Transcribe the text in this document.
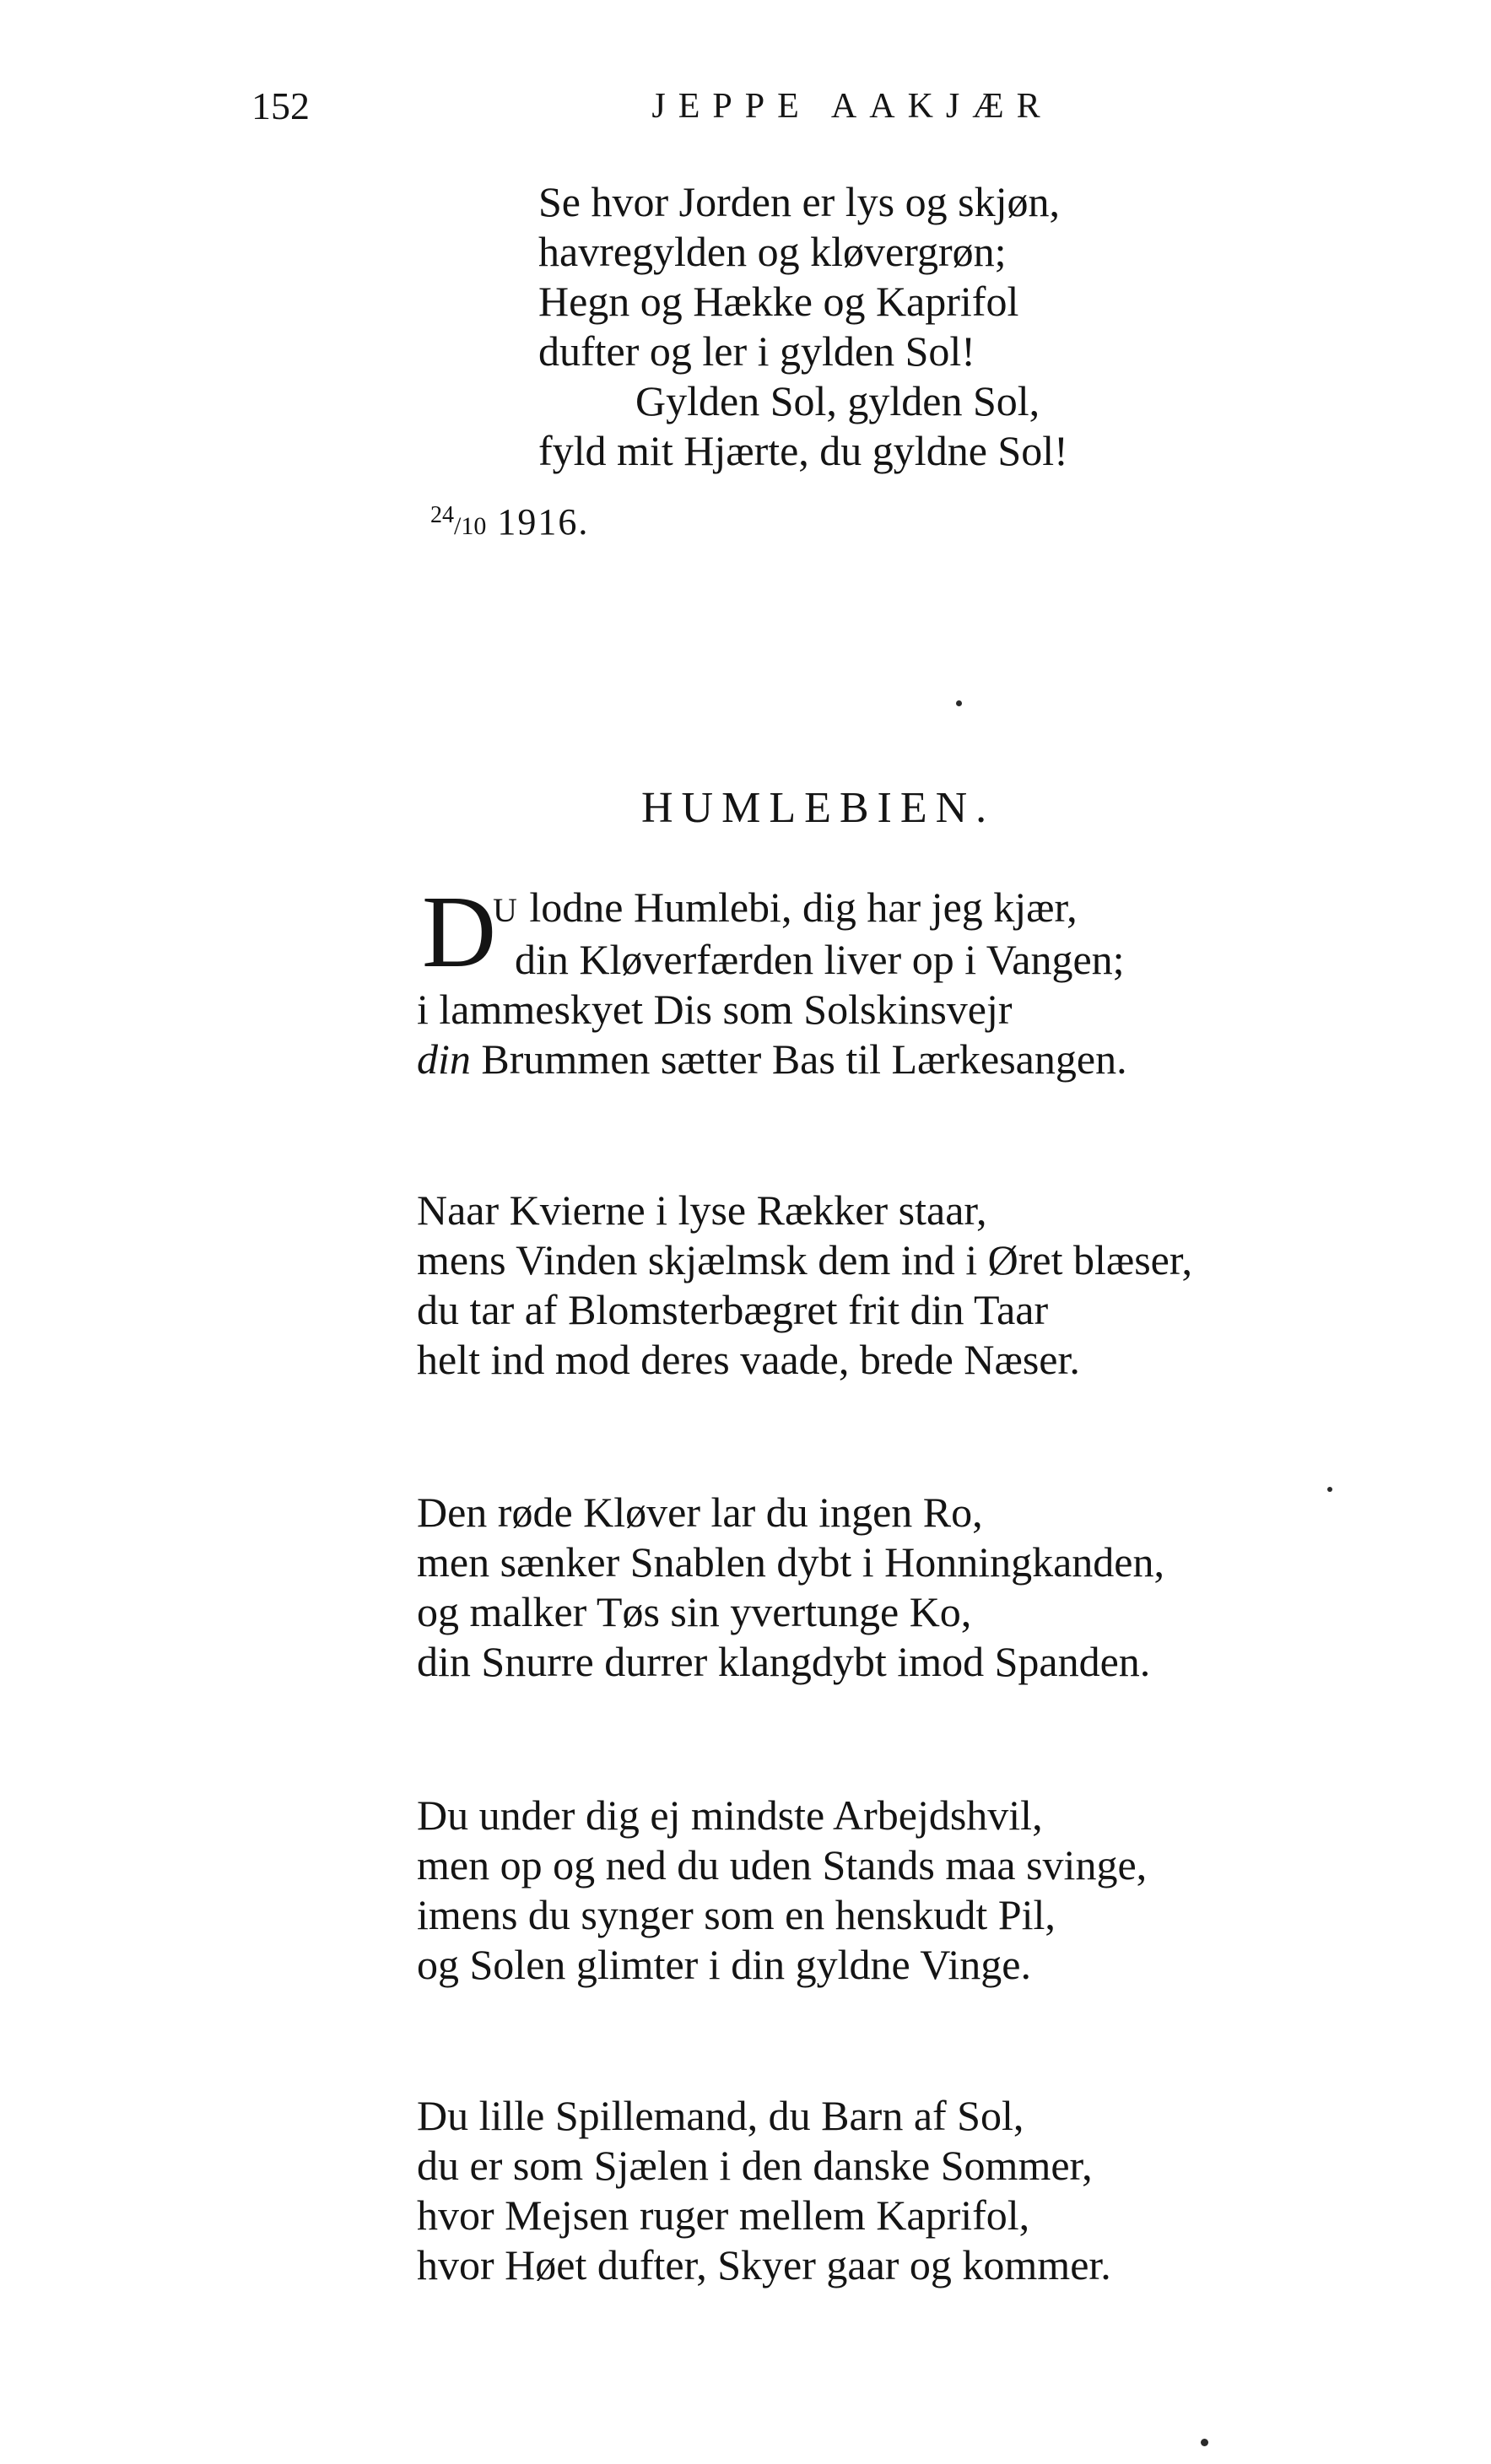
152	JEPPE AAKJÆR
Se hvor Jorden er lys og skjøn,
havregylden og kløvergrøn;
Hegn og Hække og Kaprifol
dufter og ler i gylden Sol!
Gylden Sol, gylden Sol,
fyld mit Hjærte, du gyldne Sol!
$^{24}$/10 1916.
HUMLEBIEN.
D
U lodne Humlebi, dig har jeg kjær,
din Kløverfærden liver op i Vangen;
i lammeskyet Dis som Solskinsvejr
din Brummen sætter Bas til Lærkesangen.
Naar Kvierne i lyse Rækker staar,
mens Vinden skjælmsk dem ind i Øret blæser,
du tar af Blomsterbægret frit din Taar
helt ind mod deres vaade, brede Næser.
Den røde Kløver lar du ingen Ro,
men sænker Snablen dybt i Honningkanden,
og malker Tøs sin yvertunge Ko,
din Snurre durrer klangdybt imod Spanden.
Du under dig ej mindste Arbejdshvil,
men op og ned du uden Stands maa svinge,
imens du synger som en henskudt Pil,
og Solen glimter i din gyldne Vinge.
Du lille Spillemand, du Barn af Sol,
du er som Sjælen i den danske Sommer,
hvor Mejsen ruger mellem Kaprifol,
hvor Høet dufter, Skyer gaar og kommer.
